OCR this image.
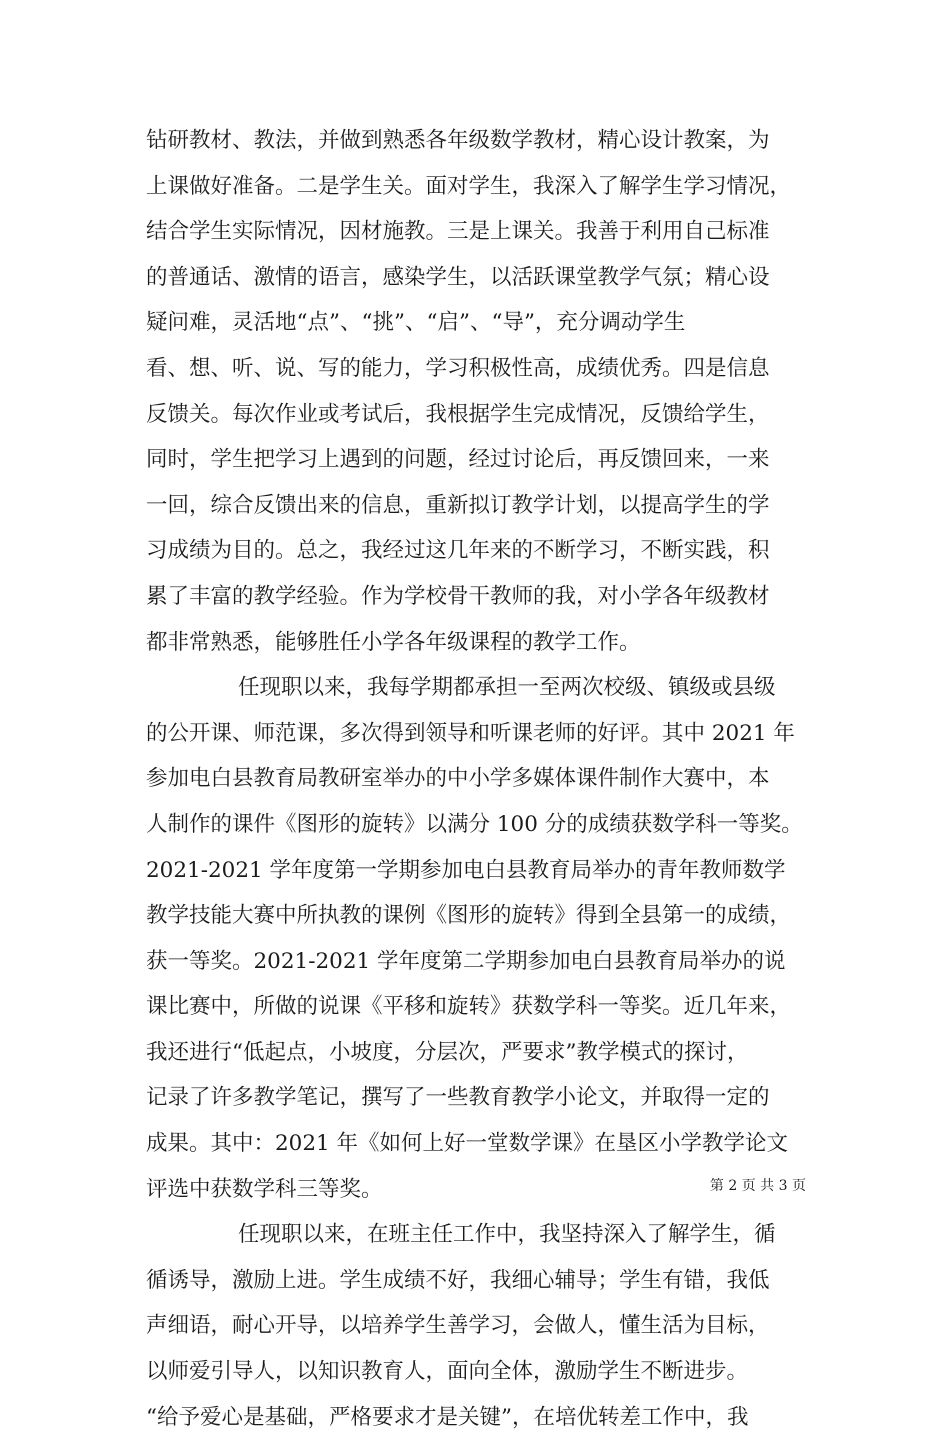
钻研教材、教法，并做到熟悉各年级数学教材，精心设计教案，为
上课做好准备。二是学生关。面对学生，我深入了解学生学习情况，
结合学生实际情况，因材施教。三是上课关。我善于利用自己标准
的普通话、激情的语言，感染学生，以活跃课堂教学气氛；精心设
疑问难，灵活地“点”、“挑”、“启”、“导”，充分调动学生
看、想、听、说、写的能力，学习积极性高，成绩优秀。四是信息
反馈关。每次作业或考试后，我根据学生完成情况，反馈给学生，
同时，学生把学习上遇到的问题，经过讨论后，再反馈回来，一来
一回，综合反馈出来的信息，重新拟订教学计划，以提高学生的学
习成绩为目的。总之，我经过这几年来的不断学习，不断实践，积
累了丰富的教学经验。作为学校骨干教师的我，对小学各年级教材
都非常熟悉，能够胜任小学各年级课程的教学工作。
任现职以来，我每学期都承担一至两次校级、镇级或县级
的公开课、师范课，多次得到领导和听课老师的好评。其中 2021 年
参加电白县教育局教研室举办的中小学多媒体课件制作大赛中，本
人制作的课件《图形的旋转》以满分 100 分的成绩获数学科一等奖。
2021-2021 学年度第一学期参加电白县教育局举办的青年教师数学
教学技能大赛中所执教的课例《图形的旋转》得到全县第一的成绩，
获一等奖。2021-2021 学年度第二学期参加电白县教育局举办的说
课比赛中，所做的说课《平移和旋转》获数学科一等奖。近几年来，
我还进行“低起点，小坡度，分层次，严要求”教学模式的探讨，
记录了许多教学笔记，撰写了一些教育教学小论文，并取得一定的
成果。其中：2021 年《如何上好一堂数学课》在垦区小学教学论文
评选中获数学科三等奖。
任现职以来，在班主任工作中，我坚持深入了解学生，循
循诱导，激励上进。学生成绩不好，我细心辅导；学生有错，我低
声细语，耐心开导，以培养学生善学习，会做人，懂生活为目标，
以师爱引导人，以知识教育人，面向全体，激励学生不断进步。
“给予爱心是基础，严格要求才是关键”，在培优转差工作中，我
第 2 页 共 3 页
